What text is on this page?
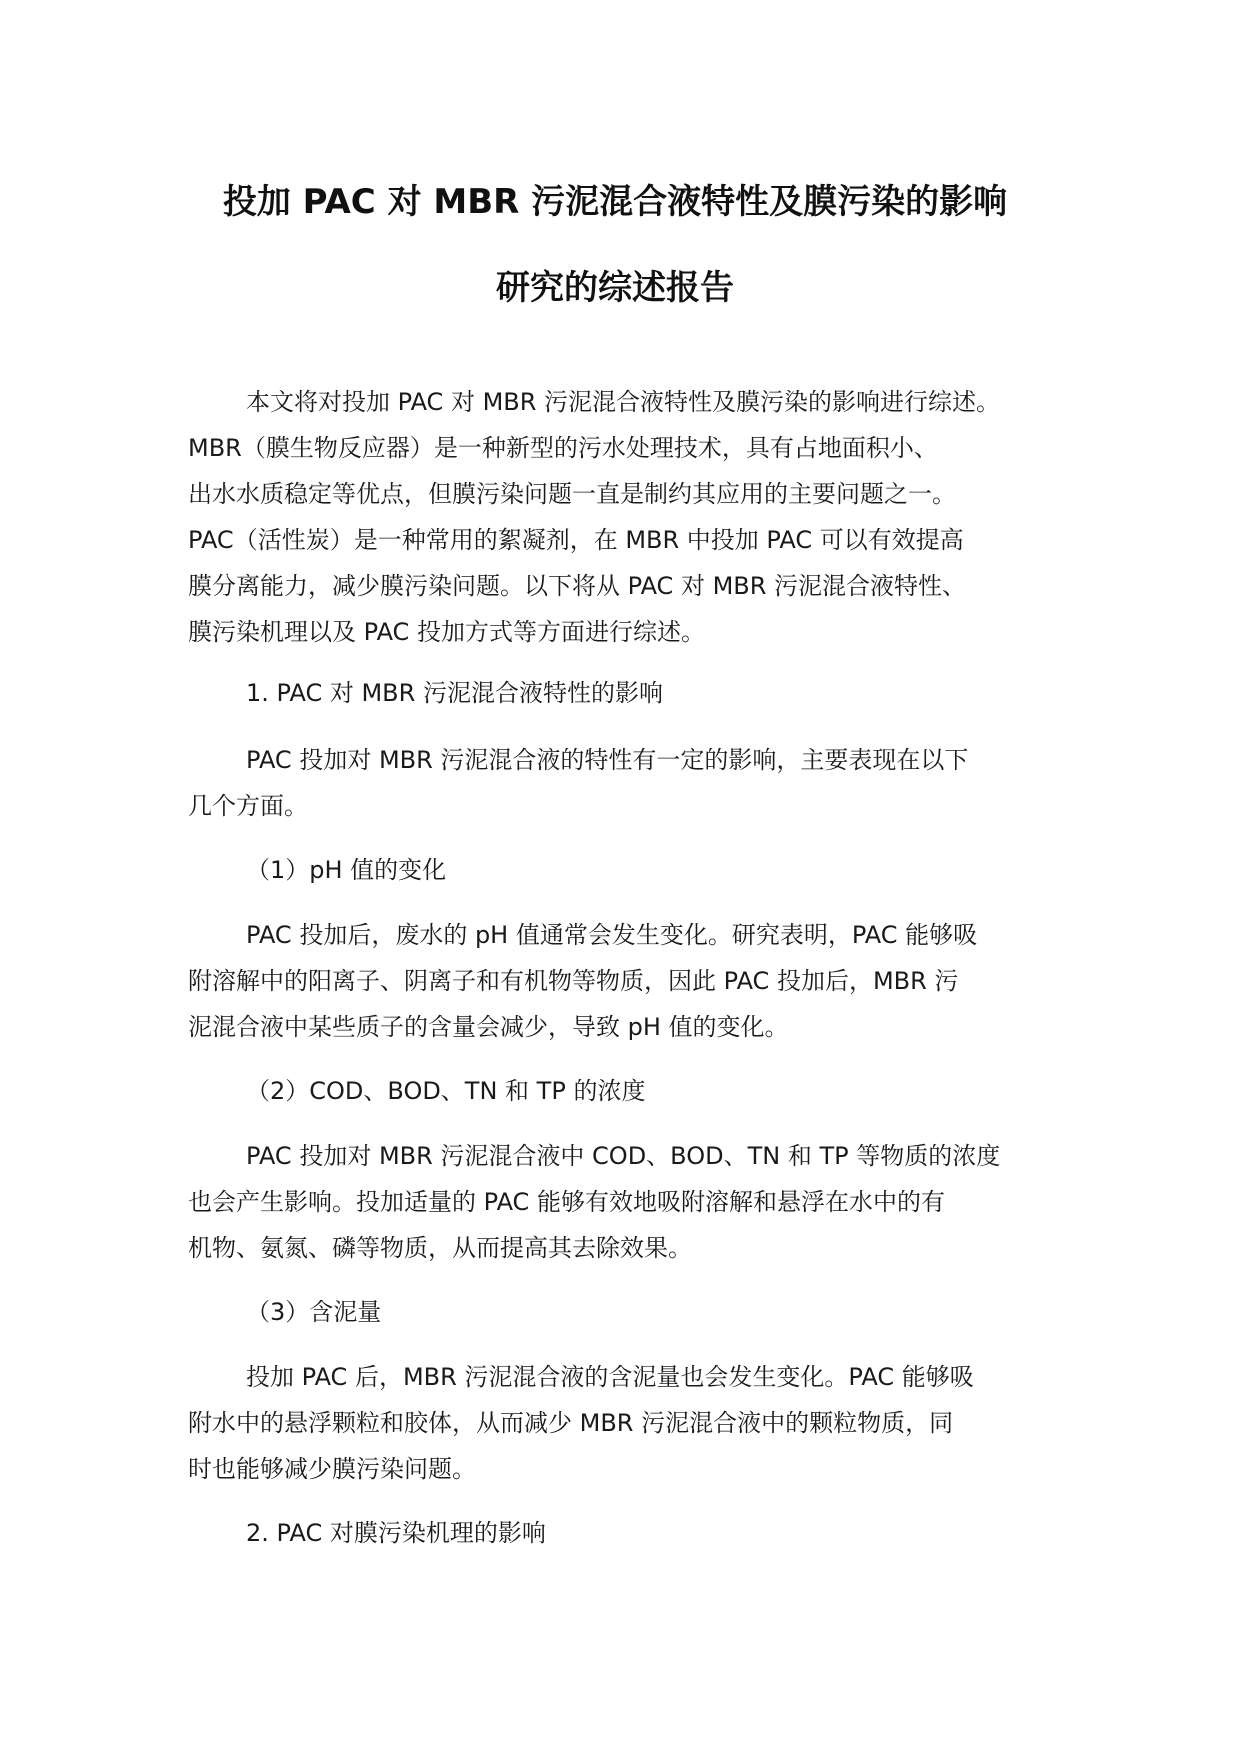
投加 PAC 对 MBR 污泥混合液特性及膜污染的影响
研究的综述报告
本文将对投加 PAC 对 MBR 污泥混合液特性及膜污染的影响进行综述。
MBR（膜生物反应器）是一种新型的污水处理技术，具有占地面积小、
出水水质稳定等优点，但膜污染问题一直是制约其应用的主要问题之一。
PAC（活性炭）是一种常用的絮凝剂，在 MBR 中投加 PAC 可以有效提高
膜分离能力，减少膜污染问题。以下将从 PAC 对 MBR 污泥混合液特性、
膜污染机理以及 PAC 投加方式等方面进行综述。
1. PAC 对 MBR 污泥混合液特性的影响
PAC 投加对 MBR 污泥混合液的特性有一定的影响，主要表现在以下
几个方面。
（1）pH 值的变化
PAC 投加后，废水的 pH 值通常会发生变化。研究表明，PAC 能够吸
附溶解中的阳离子、阴离子和有机物等物质，因此 PAC 投加后，MBR 污
泥混合液中某些质子的含量会减少，导致 pH 值的变化。
（2）COD、BOD、TN 和 TP 的浓度
PAC 投加对 MBR 污泥混合液中 COD、BOD、TN 和 TP 等物质的浓度
也会产生影响。投加适量的 PAC 能够有效地吸附溶解和悬浮在水中的有
机物、氨氮、磷等物质，从而提高其去除效果。
（3）含泥量
投加 PAC 后，MBR 污泥混合液的含泥量也会发生变化。PAC 能够吸
附水中的悬浮颗粒和胶体，从而减少 MBR 污泥混合液中的颗粒物质，同
时也能够减少膜污染问题。
2. PAC 对膜污染机理的影响
